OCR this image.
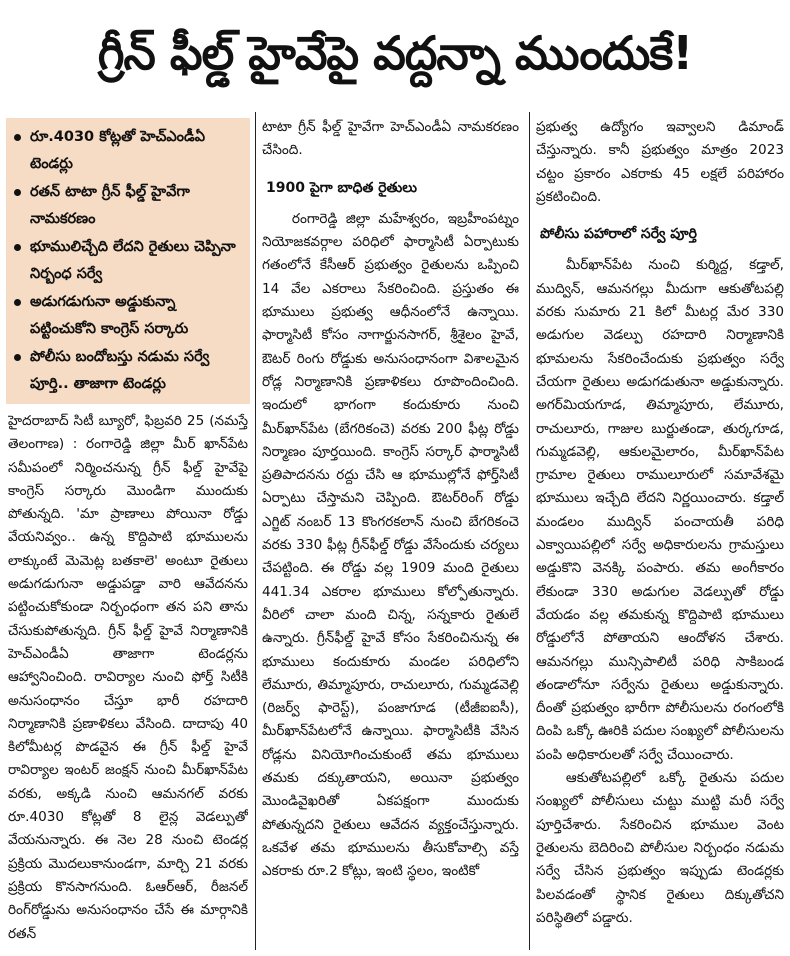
గ్రీన్ ఫీల్డ్ హైవేపై వద్దన్నా ముందుకే!
రూ.4030 కోట్లతో హెచ్ఎండీఏ టెండర్లు
రతన్ టాటా గ్రీన్ ఫీల్డ్ హైవేగా నామకరణం
భూములిచ్చేది లేదని రైతులు చెప్పినా నిర్బంధ సర్వే
అడుగడుగునా అడ్డుకున్నా పట్టించుకోని కాంగ్రెస్ సర్కారు
పోలీసు బందోబస్తు నడుమ సర్వే పూర్తి.. తాజాగా టెండర్లు

హైదరాబాద్ సిటీ బ్యూరో, ఫిబ్రవరి 25 (నమస్తే తెలంగాణ) : రంగారెడ్డి జిల్లా మీర్ ఖాన్‌పేట సమీపంలో నిర్మించనున్న గ్రీన్ ఫీల్డ్ హైవేపై కాంగ్రెస్ సర్కారు మొండిగా ముందుకు పోతున్నది. 'మా ప్రాణాలు పోయినా రోడ్డు వేయనివ్వం.. ఉన్న కొద్దిపాటి భూములను లాక్కుంటే మెమెట్ల బతకాలె' అంటూ రైతులు అడుగడుగునా అడ్డుపడ్డా వారి ఆవేదనను పట్టించుకోకుండా నిర్బంధంగా తన పని తాను చేసుకుపోతున్నది. గ్రీన్ ఫీల్డ్ హైవే నిర్మాణానికి హెచ్ఎండీఏ తాజాగా టెండర్లను ఆహ్వానించింది. రావిర్యాల నుంచి ఫోర్త్ సిటీకి అనుసంధానం చేస్తూ భారీ రహదారి నిర్మాణానికి ప్రణాళికలు వేసింది. దాదాపు 40 కిలోమీటర్ల పొడవైన ఈ గ్రీన్ ఫీల్డ్ హైవే రావిర్యాల ఇంటర్ జంక్షన్ నుంచి మీర్‌ఖాన్‌పేట వరకు, అక్కడి నుంచి ఆమనగల్ వరకు రూ.4030 కోట్లతో 8 లైన్ల వెడల్పుతో వేయనున్నారు. ఈ నెల 28 నుంచి టెండర్ల ప్రక్రియ మొదలుకానుండగా, మార్చి 21 వరకు ప్రక్రియ కొనసాగనుంది. ఓఆర్ఆర్, రీజనల్ రింగ్‌రోడ్డును అనుసంధానం చేసే ఈ మార్గానికి రతన్

టాటా గ్రీన్ ఫీల్డ్ హైవేగా హెచ్ఎండీఏ నామకరణం చేసింది.

1900 పైగా బాధిత రైతులు

రంగారెడ్డి జిల్లా మహేశ్వరం, ఇబ్రహీంపట్నం నియోజకవర్గాల పరిధిలో ఫార్మాసిటీ ఏర్పాటుకు గతంలోనే కేసీఆర్ ప్రభుత్వం రైతులను ఒప్పించి 14 వేల ఎకరాలు సేకరించింది. ప్రస్తుతం ఈ భూములు ప్రభుత్వ ఆధీనంలోనే ఉన్నాయి. ఫార్మాసిటీ కోసం నాగార్జునసాగర్, శ్రీశైలం హైవే, ఔటర్ రింగు రోడ్డుకు అనుసంధానంగా విశాలమైన రోడ్ల నిర్మాణానికి ప్రణాళికలు రూపొందించింది. ఇందులో భాగంగా కందుకూరు నుంచి మీర్‌ఖాన్‌పేట (బేగరికంచె) వరకు 200 ఫీట్ల రోడ్డు నిర్మాణం పూర్తయింది. కాంగ్రెస్ సర్కార్ ఫార్మాసిటీ ప్రతిపాదనను రద్దు చేసి ఆ భూముల్లోనే ఫోర్త్‌సిటీ ఏర్పాటు చేస్తామని చెప్పింది. ఔటర్‌రింగ్ రోడ్డు ఎగ్జిట్ నంబర్ 13 కొంగరకలాన్ నుంచి బేగరికంచె వరకు 330 ఫీట్ల గ్రీన్‌ఫీల్డ్ రోడ్డు వేసేందుకు చర్యలు చేపట్టింది. ఈ రోడ్డు వల్ల 1909 మంది రైతులు 441.34 ఎకరాల భూములు కోల్పోతున్నారు. వీరిలో చాలా మంది చిన్న, సన్నకారు రైతులే ఉన్నారు. గ్రీన్‌ఫీల్డ్ హైవే కోసం సేకరించినున్న ఈ భూములు కందుకూరు మండల పరిధిలోని లేమూరు, తిమ్మాపూరు, రాచులూరు, గుమ్మడవెల్లి (రిజర్వ్ ఫారెస్ట్), పంజాగూడ (టీజీఐఐసీ), మీర్‌ఖాన్‌పేటలోనే ఉన్నాయి. ఫార్మాసిటీకి వేసిన రోడ్లను వినియోగించుకుంటే తమ భూములు తమకు దక్కుతాయని, అయినా ప్రభుత్వం మొండివైఖరితో ఏకపక్షంగా ముందుకు పోతున్నదని రైతులు ఆవేదన వ్యక్తంచేస్తున్నారు. ఒకవేళ తమ భూములను తీసుకోవాల్సి వస్తే ఎకరాకు రూ.2 కోట్లు, ఇంటి స్థలం, ఇంటికో

ప్రభుత్వ ఉద్యోగం ఇవ్వాలని డిమాండ్ చేస్తున్నారు. కానీ ప్రభుత్వం మాత్రం 2023 చట్టం ప్రకారం ఎకరాకు 45 లక్షలే పరిహారం ప్రకటించింది.

పోలీసు పహారాలో సర్వే పూర్తి

మీర్‌ఖాన్‌పేట నుంచి కుర్మిద్ద, కడ్తాల్, ముద్విన్, ఆమనగల్లు మీదుగా ఆకుతోటపల్లి వరకు సుమారు 21 కిలో మీటర్ల మేర 330 అడుగుల వెడల్పు రహదారి నిర్మాణానికి భూమలను సేకరించేందుకు ప్రభుత్వం సర్వే చేయగా రైతులు అడుగడుతునా అడ్డుకున్నారు. అగర్‌మియగూడ, తిమ్మాపూరు, లేమూరు, రాచులూరు, గాజుల బుర్జుతండా, తుర్కగూడ, గుమ్మడవెల్లి, ఆకులమైలారం, మీర్‌ఖాన్‌పేట గ్రామాల రైతులు రాములూరులో సమావేశమై భూములు ఇచ్చేది లేదని నిర్ణయించారు. కడ్తాల్ మండలం ముద్విన్ పంచాయతీ పరిధి ఎక్వాయిపల్లిలో సర్వే అధికారులను గ్రామస్తులు అడ్డుకొని వెనక్కి పంపారు. తమ అంగీకారం లేకుండా 330 అడుగుల వెడల్పుతో రోడ్డు వేయడం వల్ల తమకున్న కొద్దిపాటి భూములు రోడ్డులోనే పోతాయని ఆందోళన చేశారు. ఆమనగల్లు మున్సిపాలిటీ పరిధి సాకిబండ తండాలోనూ సర్వేను రైతులు అడ్డుకున్నారు. దీంతో ప్రభుత్వం భారీగా పోలీసులను రంగంలోకి దింపి ఒక్కో ఊరికి పదుల సంఖ్యలో పోలీసులను పంపి అధికారులతో సర్వే చేయించారు.

ఆకుతోటపల్లిలో ఒక్కో రైతును పదుల సంఖ్యలో పోలీసులు చుట్టు ముట్టి మరీ సర్వే పూర్తిచేశారు. సేకరించిన భూముల వెంట రైతులను బెదిరించి పోలీసుల నిర్బంధం నడుమ సర్వే చేసిన ప్రభుత్వం ఇప్పుడు టెండర్లకు పిలవడంతో స్థానిక రైతులు దిక్కుతోచని పరిస్థితిలో పడ్డారు.
